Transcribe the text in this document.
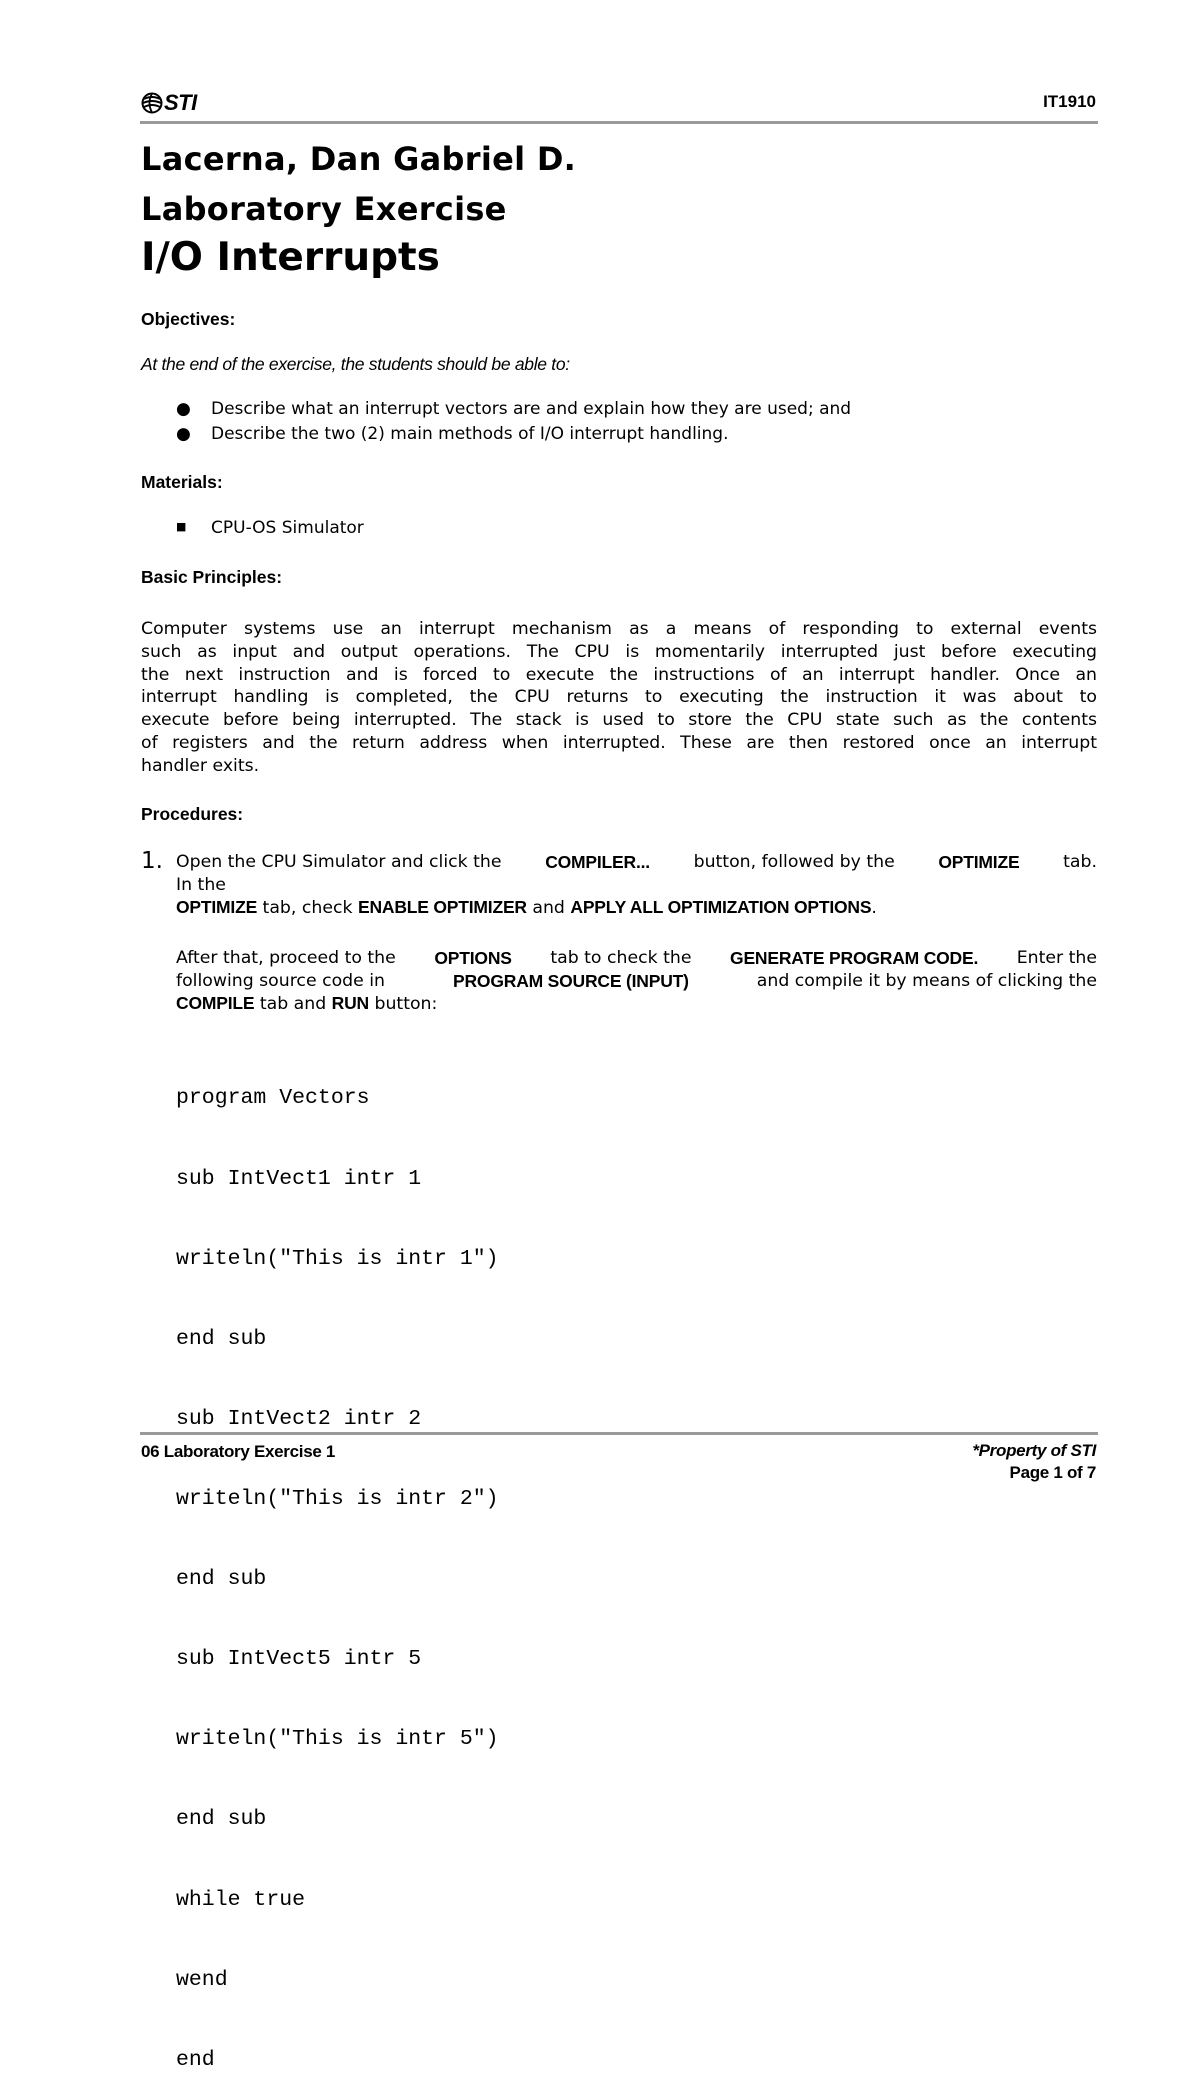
STI	IT1910
Lacerna, Dan Gabriel D.
Laboratory Exercise
I/O Interrupts
Objectives:
At the end of the exercise, the students should be able to:
● Describe what an interrupt vectors are and explain how they are used; and
● Describe the two (2) main methods of I/O interrupt handling.
Materials:
■ CPU-OS Simulator
Basic Principles:
Computer systems use an interrupt mechanism as a means of responding to external events
such as input and output operations. The CPU is momentarily interrupted just before executing
the next instruction and is forced to execute the instructions of an interrupt handler. Once an
interrupt handling is completed, the CPU returns to executing the instruction it was about to
execute before being interrupted. The stack is used to store the CPU state such as the contents
of registers and the return address when interrupted. These are then restored once an interrupt
handler exits.
Procedures:
1. Open the CPU Simulator and click the COMPILER...	button, followed by the OPTIMIZE	tab.
In the
OPTIMIZE tab, check ENABLE OPTIMIZER and APPLY ALL OPTIMIZATION OPTIONS.
After that, proceed to the OPTIONS tab to check the GENERATE PROGRAM CODE. Enter the
following source code in	PROGRAM SOURCE (INPUT)	and compile it by means of clicking the
COMPILE tab and RUN button:

program Vectors

sub IntVect1 intr 1

writeln("This is intr 1")

end sub

sub IntVect2 intr 2

writeln("This is intr 2")

end sub

sub IntVect5 intr 5

writeln("This is intr 5")

end sub

while true

wend

end

06 Laboratory Exercise 1	*Property of STI
Page 1 of 7
